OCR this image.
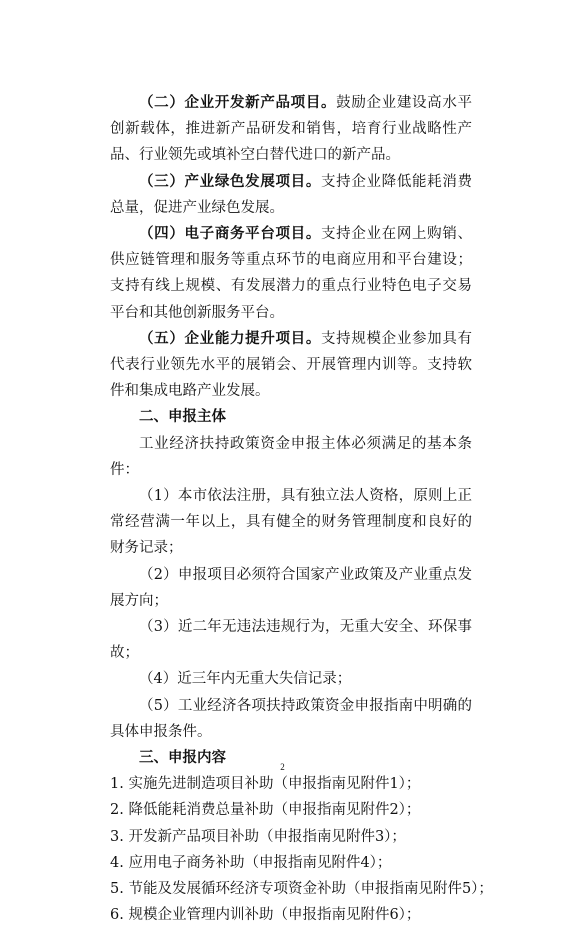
（二）企业开发新产品项目。鼓励企业建设高水平创新载体，推进新产品研发和销售，培育行业战略性产品、行业领先或填补空白替代进口的新产品。

（三）产业绿色发展项目。支持企业降低能耗消费总量，促进产业绿色发展。

（四）电子商务平台项目。支持企业在网上购销、供应链管理和服务等重点环节的电商应用和平台建设；支持有线上规模、有发展潜力的重点行业特色电子交易平台和其他创新服务平台。

（五）企业能力提升项目。支持规模企业参加具有代表行业领先水平的展销会、开展管理内训等。支持软件和集成电路产业发展。

二、申报主体

工业经济扶持政策资金申报主体必须满足的基本条件：

（1）本市依法注册，具有独立法人资格，原则上正常经营满一年以上，具有健全的财务管理制度和良好的财务记录；

（2）申报项目必须符合国家产业政策及产业重点发展方向；

（3）近二年无违法违规行为，无重大安全、环保事故；

（4）近三年内无重大失信记录；

（5）工业经济各项扶持政策资金申报指南中明确的具体申报条件。

三、申报内容

1. 实施先进制造项目补助（申报指南见附件1）；

2. 降低能耗消费总量补助（申报指南见附件2）；

3. 开发新产品项目补助（申报指南见附件3）；

4. 应用电子商务补助（申报指南见附件4）；

5. 节能及发展循环经济专项资金补助（申报指南见附件5）；

6. 规模企业管理内训补助（申报指南见附件6）；

2
